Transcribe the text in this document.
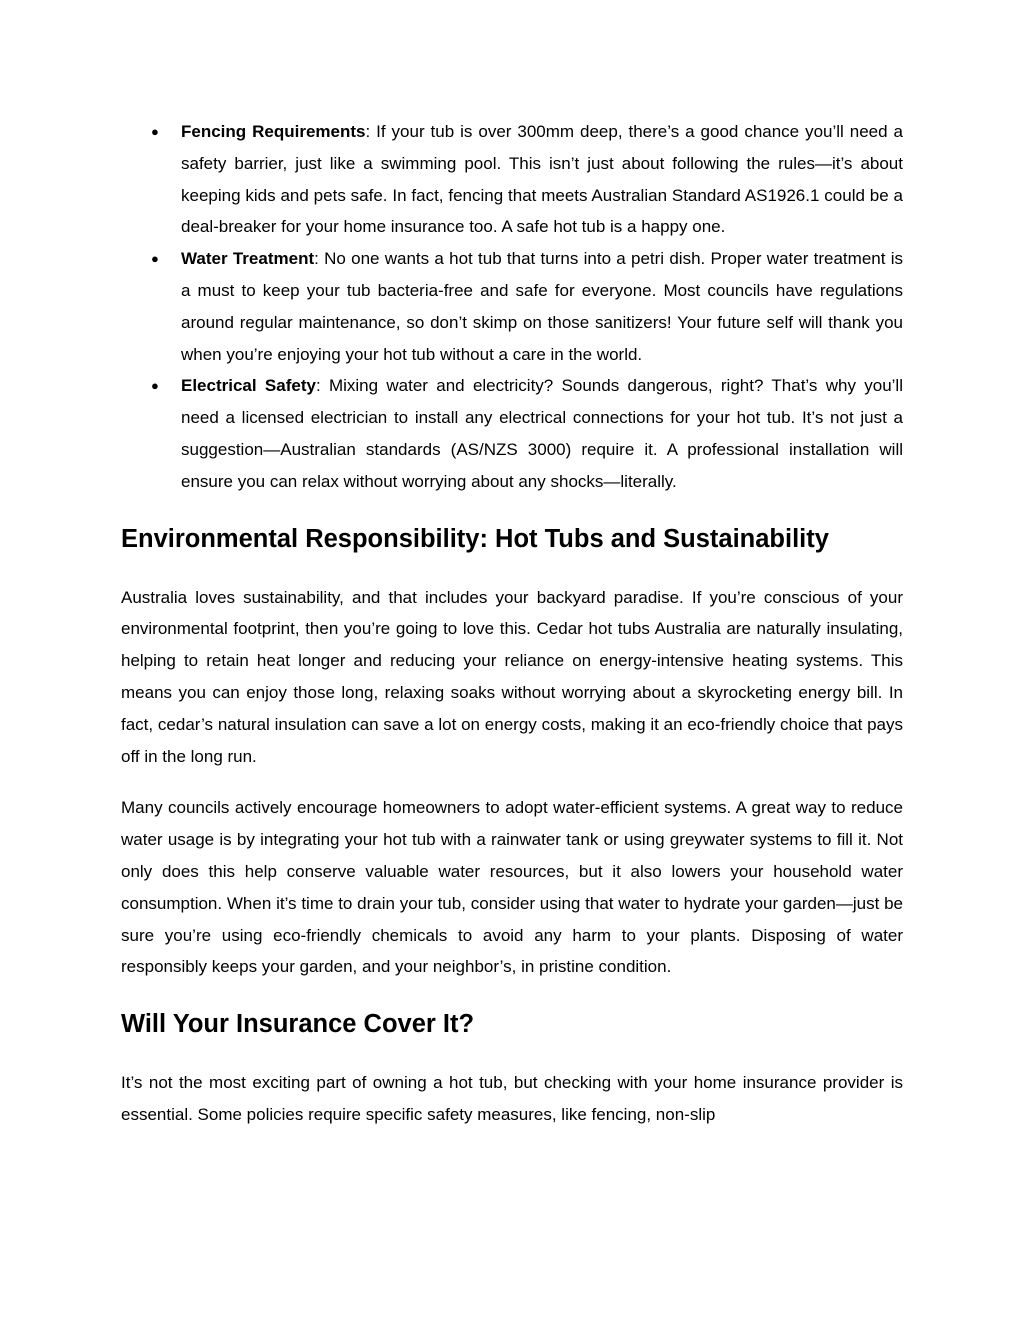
● Fencing Requirements: If your tub is over 300mm deep, there’s a good chance you’ll need a safety barrier, just like a swimming pool. This isn’t just about following the rules—it’s about keeping kids and pets safe. In fact, fencing that meets Australian Standard AS1926.1 could be a deal-breaker for your home insurance too. A safe hot tub is a happy one.
● Water Treatment: No one wants a hot tub that turns into a petri dish. Proper water treatment is a must to keep your tub bacteria-free and safe for everyone. Most councils have regulations around regular maintenance, so don’t skimp on those sanitizers! Your future self will thank you when you’re enjoying your hot tub without a care in the world.
● Electrical Safety: Mixing water and electricity? Sounds dangerous, right? That’s why you’ll need a licensed electrician to install any electrical connections for your hot tub. It’s not just a suggestion—Australian standards (AS/NZS 3000) require it. A professional installation will ensure you can relax without worrying about any shocks—literally.
Environmental Responsibility: Hot Tubs and Sustainability

Australia loves sustainability, and that includes your backyard paradise. If you’re conscious of your environmental footprint, then you’re going to love this. Cedar hot tubs Australia are naturally insulating, helping to retain heat longer and reducing your reliance on energy-intensive heating systems. This means you can enjoy those long, relaxing soaks without worrying about a skyrocketing energy bill. In fact, cedar’s natural insulation can save a lot on energy costs, making it an eco-friendly choice that pays off in the long run.

Many councils actively encourage homeowners to adopt water-efficient systems. A great way to reduce water usage is by integrating your hot tub with a rainwater tank or using greywater systems to fill it. Not only does this help conserve valuable water resources, but it also lowers your household water consumption. When it’s time to drain your tub, consider using that water to hydrate your garden—just be sure you’re using eco-friendly chemicals to avoid any harm to your plants. Disposing of water responsibly keeps your garden, and your neighbor’s, in pristine condition.

Will Your Insurance Cover It?

It’s not the most exciting part of owning a hot tub, but checking with your home insurance provider is essential. Some policies require specific safety measures, like fencing, non-slip
